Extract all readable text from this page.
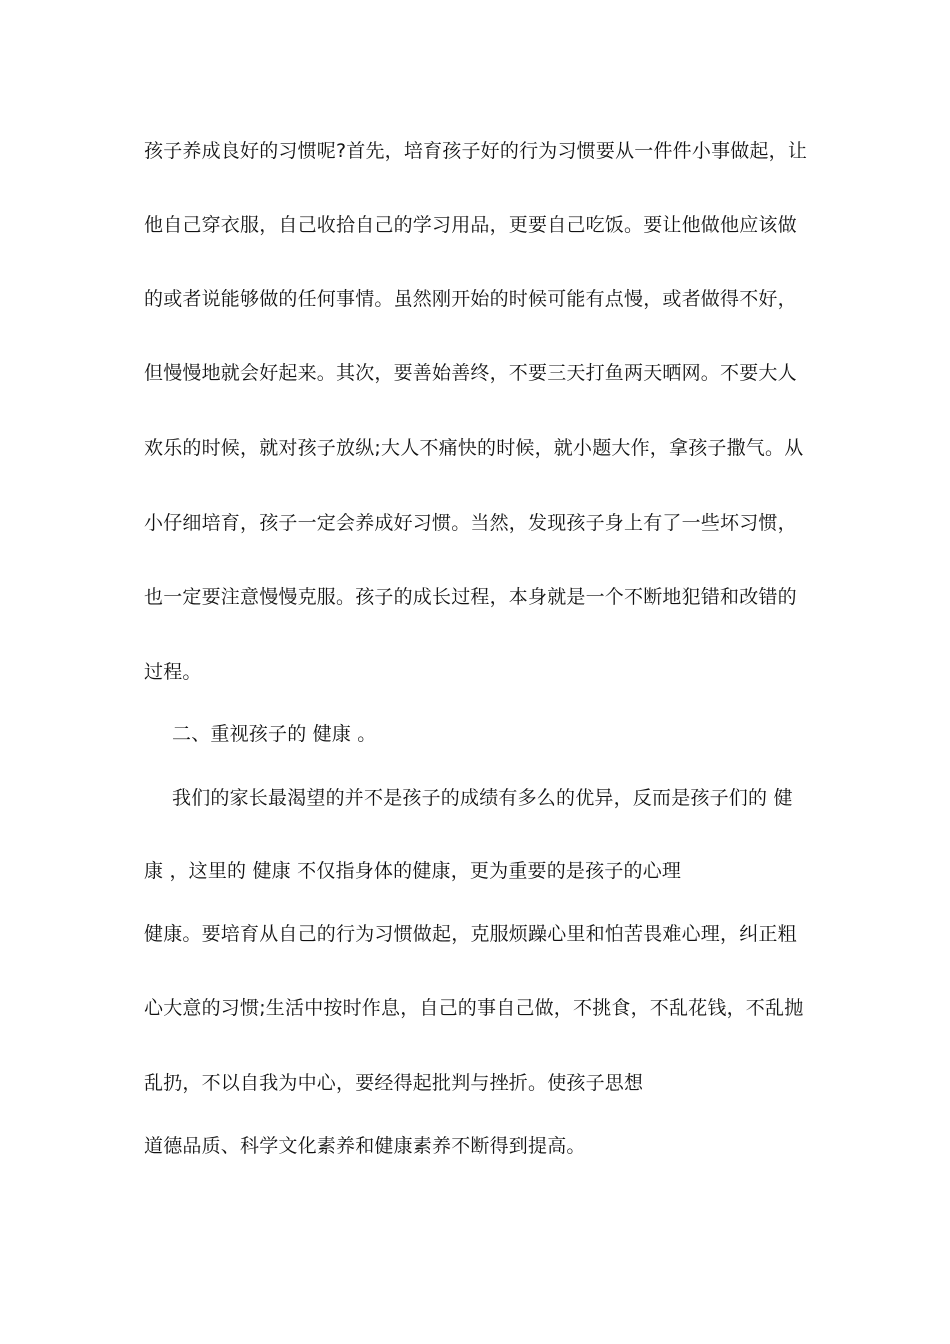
孩子养成良好的习惯呢?首先，培育孩子好的行为习惯要从一件件小事做起，让
他自己穿衣服，自己收拾自己的学习用品，更要自己吃饭。要让他做他应该做
的或者说能够做的任何事情。虽然刚开始的时候可能有点慢，或者做得不好，
但慢慢地就会好起来。其次，要善始善终，不要三天打鱼两天晒网。不要大人
欢乐的时候，就对孩子放纵;大人不痛快的时候，就小题大作，拿孩子撒气。从
小仔细培育，孩子一定会养成好习惯。当然，发现孩子身上有了一些坏习惯，
也一定要注意慢慢克服。孩子的成长过程，本身就是一个不断地犯错和改错的
过程。
二、重视孩子的 健康 。
我们的家长最渴望的并不是孩子的成绩有多么的优异，反而是孩子们的 健
康 ，这里的 健康 不仅指身体的健康，更为重要的是孩子的心理
健康。要培育从自己的行为习惯做起，克服烦躁心里和怕苦畏难心理，纠正粗
心大意的习惯;生活中按时作息，自己的事自己做，不挑食，不乱花钱，不乱抛
乱扔，不以自我为中心，要经得起批判与挫折。使孩子思想
道德品质、科学文化素养和健康素养不断得到提高。
